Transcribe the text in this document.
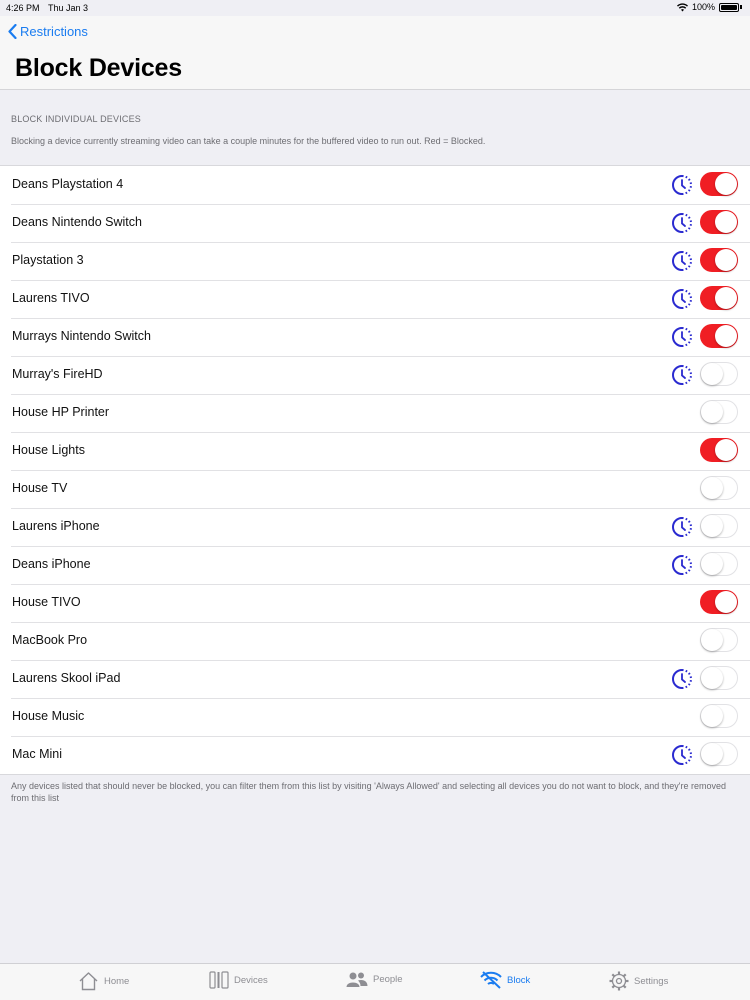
4:26 PM Thu Jan 3	100%
Restrictions
Block Devices
BLOCK INDIVIDUAL DEVICES
Blocking a device currently streaming video can take a couple minutes for the buffered video to run out. Red = Blocked.
Deans Playstation 4
Deans Nintendo Switch
Playstation 3
Laurens TIVO
Murrays Nintendo Switch
Murray's FireHD
House HP Printer
House Lights
House TV
Laurens iPhone
Deans iPhone
House TIVO
MacBook Pro
Laurens Skool iPad
House Music
Mac Mini
Any devices listed that should never be blocked, you can filter them from this list by visiting 'Always Allowed' and selecting all devices you do not want to block, and they're removed from this list
Home	Devices	People	Block	Settings
